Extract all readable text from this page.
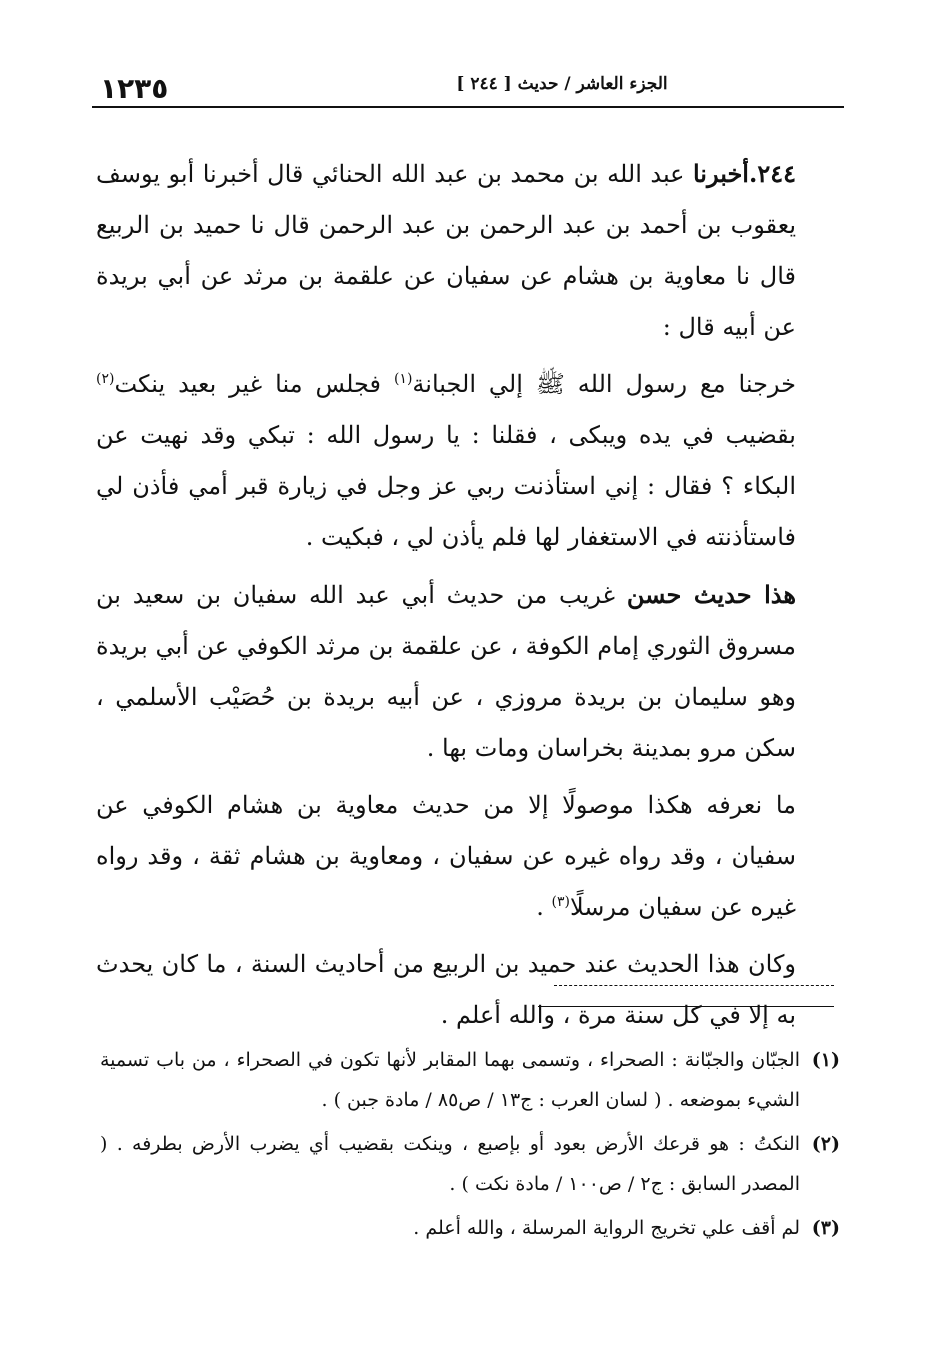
١٢٣٥	الجزء العاشر / حديث [ ٢٤٤ ]

٢٤٤.أخبرنا عبد الله بن محمد بن عبد الله الحنائي قال أخبرنا أبو يوسف يعقوب بن أحمد بن عبد الرحمن بن عبد الرحمن قال نا حميد بن الربيع قال نا معاوية بن هشام عن سفيان عن علقمة بن مرثد عن أبي بريدة عن أبيه قال :

خرجنا مع رسول الله ﷺ إلي الجبانة$^{(١)}$ فجلس منا غير بعيد ينكت$^{(٢)}$ بقضيب في يده ويبكى ، فقلنا : يا رسول الله : تبكي وقد نهيت عن البكاء ؟ فقال : إني استأذنت ربي عز وجل في زيارة قبر أمي فأذن لي فاستأذنته في الاستغفار لها فلم يأذن لي ، فبكيت .

هذا حديث حسن غريب من حديث أبي عبد الله سفيان بن سعيد بن مسروق الثوري إمام الكوفة ، عن علقمة بن مرثد الكوفي عن أبي بريدة وهو سليمان بن بريدة مروزي ، عن أبيه بريدة بن حُصَيْب الأسلمي ، سكن مرو بمدينة بخراسان ومات بها .

ما نعرفه هكذا موصولًا إلا من حديث معاوية بن هشام الكوفي عن سفيان ، وقد رواه غيره عن سفيان ، ومعاوية بن هشام ثقة ، وقد رواه غيره عن سفيان مرسلًا$^{(٣)}$ .

وكان هذا الحديث عند حميد بن الربيع من أحاديث السنة ، ما كان يحدث به إلا في كل سنة مرة ، والله أعلم .

(١)
الجبّان والجبّانة : الصحراء ، وتسمى بهما المقابر لأنها تكون في الصحراء ، من باب تسمية الشيء بموضعه . ( لسان العرب : ج١٣ / ص٨٥ / مادة جبن ) .
(٢)
النكتُ : هو قرعك الأرض بعود أو بإصبع ، وينكت بقضيب أي يضرب الأرض بطرفه . ( المصدر السابق : ج٢ / ص١٠٠ / مادة نكت ) .
(٣)
لم أقف علي تخريج الرواية المرسلة ، والله أعلم .
